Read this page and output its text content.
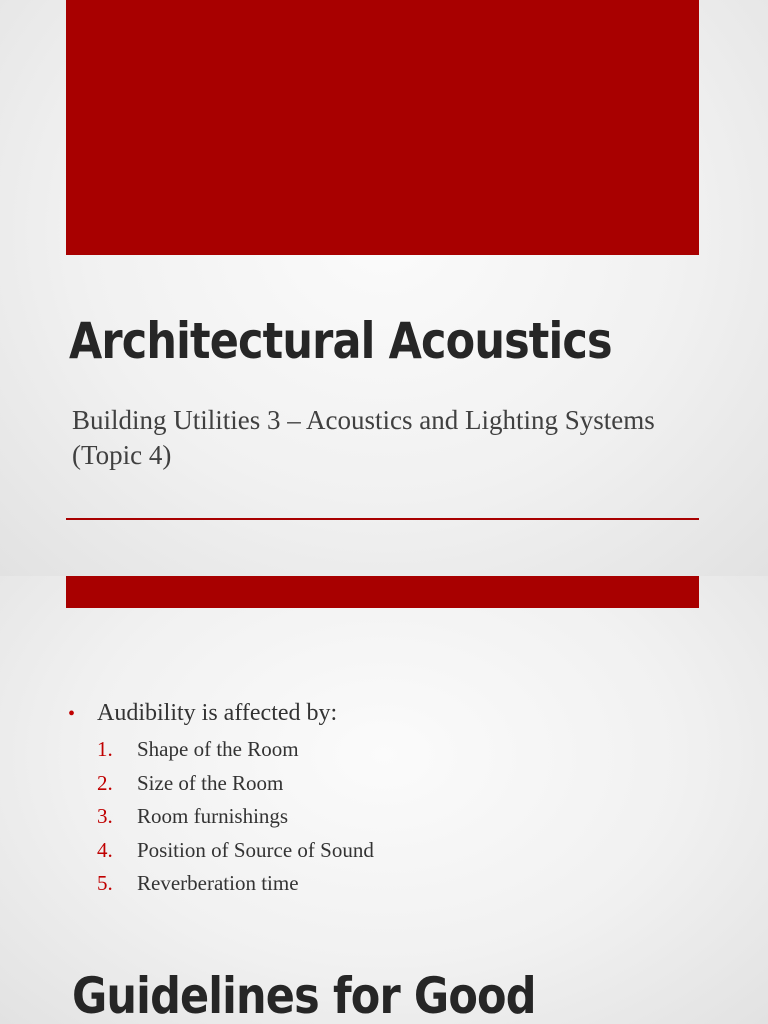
Architectural Acoustics

Building Utilities 3 – Acoustics and Lighting Systems (Topic 4)

• Audibility is affected by:
1.	Shape of the Room
2.	Size of the Room
3.	Room furnishings
4.	Position of Source of Sound
5.	Reverberation time
Guidelines for Good
